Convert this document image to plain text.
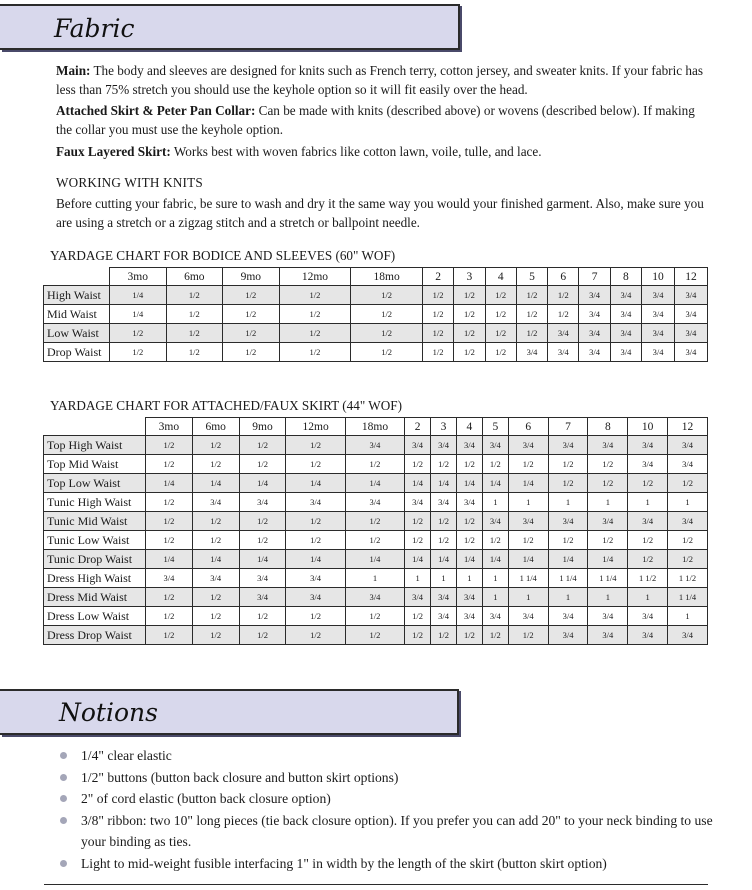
Fabric
Main: The body and sleeves are designed for knits such as French terry, cotton jersey, and sweater knits. If your fabric has less than 75% stretch you should use the keyhole option so it will fit easily over the head.
Attached Skirt & Peter Pan Collar: Can be made with knits (described above) or wovens (described below). If making the collar you must use the keyhole option.
Faux Layered Skirt: Works best with woven fabrics like cotton lawn, voile, tulle, and lace.
WORKING WITH KNITS
Before cutting your fabric, be sure to wash and dry it the same way you would your finished garment. Also, make sure you are using a stretch or a zigzag stitch and a stretch or ballpoint needle.
YARDAGE CHART FOR BODICE AND SLEEVES (60" WOF)
	3mo	6mo	9mo	12mo	18mo	2	3	4	5	6	7	8	10	12
High Waist	1/4	1/2	1/2	1/2	1/2	1/2	1/2	1/2	1/2	1/2	3/4	3/4	3/4	3/4
Mid Waist	1/4	1/2	1/2	1/2	1/2	1/2	1/2	1/2	1/2	1/2	3/4	3/4	3/4	3/4
Low Waist	1/2	1/2	1/2	1/2	1/2	1/2	1/2	1/2	1/2	3/4	3/4	3/4	3/4	3/4
Drop Waist	1/2	1/2	1/2	1/2	1/2	1/2	1/2	1/2	3/4	3/4	3/4	3/4	3/4	3/4
YARDAGE CHART FOR ATTACHED/FAUX SKIRT (44" WOF)
	3mo	6mo	9mo	12mo	18mo	2	3	4	5	6	7	8	10	12
Top High Waist	1/2	1/2	1/2	1/2	3/4	3/4	3/4	3/4	3/4	3/4	3/4	3/4	3/4	3/4
Top Mid Waist	1/2	1/2	1/2	1/2	1/2	1/2	1/2	1/2	1/2	1/2	1/2	1/2	3/4	3/4
Top Low Waist	1/4	1/4	1/4	1/4	1/4	1/4	1/4	1/4	1/4	1/4	1/2	1/2	1/2	1/2
Tunic High Waist	1/2	3/4	3/4	3/4	3/4	3/4	3/4	3/4	1	1	1	1	1	1
Tunic Mid Waist	1/2	1/2	1/2	1/2	1/2	1/2	1/2	1/2	3/4	3/4	3/4	3/4	3/4	3/4
Tunic Low Waist	1/2	1/2	1/2	1/2	1/2	1/2	1/2	1/2	1/2	1/2	1/2	1/2	1/2	1/2
Tunic Drop Waist	1/4	1/4	1/4	1/4	1/4	1/4	1/4	1/4	1/4	1/4	1/4	1/4	1/2	1/2
Dress High Waist	3/4	3/4	3/4	3/4	1	1	1	1	1	1 1/4	1 1/4	1 1/4	1 1/2	1 1/2
Dress Mid Waist	1/2	1/2	3/4	3/4	3/4	3/4	3/4	3/4	1	1	1	1	1	1 1/4
Dress Low Waist	1/2	1/2	1/2	1/2	1/2	1/2	3/4	3/4	3/4	3/4	3/4	3/4	3/4	1
Dress Drop Waist	1/2	1/2	1/2	1/2	1/2	1/2	1/2	1/2	1/2	1/2	3/4	3/4	3/4	3/4
Notions
1/4" clear elastic
1/2" buttons (button back closure and button skirt options)
2" of cord elastic (button back closure option)
3/8" ribbon: two 10" long pieces (tie back closure option). If you prefer you can add 20" to your neck binding to use your binding as ties.
Light to mid-weight fusible interfacing 1" in width by the length of the skirt (button skirt option)
